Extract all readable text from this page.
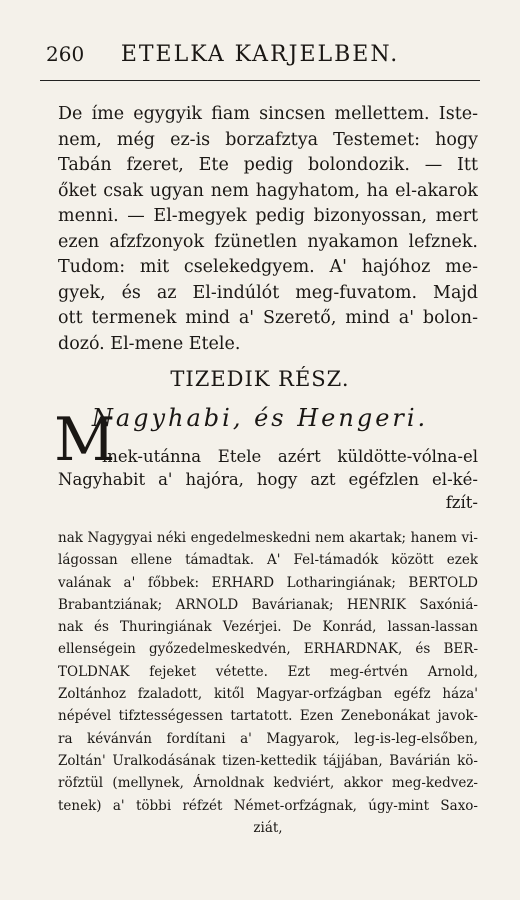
260	ETELKA KARJELBEN.
De íme egygyik fiam sincsen mellettem. Iste-
nem, még ez-is borzafztya Testemet: hogy
Tabán fzeret, Ete pedig bolondozik. — Itt
őket csak ugyan nem hagyhatom, ha el-akarok
menni. — El-megyek pedig bizonyossan, mert
ezen afzfzonyok fzünetlen nyakamon lefznek.
Tudom: mit cselekedgyem. A' hajóhoz me-
gyek, és az El-indúlót meg-fuvatom. Majd
ott termenek mind a' Szerető, mind a' bolon-
dozó. El-mene Etele.
TIZEDIK RÉSZ.
Nagyhabi, és Hengeri.
M
inek-utánna Etele azért küldötte-vólna-el
Nagyhabit a' hajóra, hogy azt egéfzlen el-ké-
fzít-
nak Nagygyai néki engedelmeskedni nem akartak; hanem vi-
lágossan ellene támadtak. A' Fel-támadók között ezek
valának a' főbbek: ERHARD Lotharingiának; BERTOLD
Brabantziának; ARNOLD Bavárianak; HENRIK Saxóniá-
nak és Thuringiának Vezérjei. De Konrád, lassan-lassan
ellenségein győzedelmeskedvén, ERHARDNAK, és BER-
TOLDNAK fejeket vétette. Ezt meg-értvén Arnold,
Zoltánhoz fzaladott, kitől Magyar-orfzágban egéfz háza'
népével tifztességessen tartatott. Ezen Zenebonákat javok-
ra kévánván fordítani a' Magyarok, leg-is-leg-elsőben,
Zoltán' Uralkodásának tizen-kettedik tájjában, Bavárián kö-
röfztül (mellynek, Árnoldnak kedviért, akkor meg-kedvez-
tenek) a' többi réfzét Német-orfzágnak, úgy-mint Saxo-
ziát,
